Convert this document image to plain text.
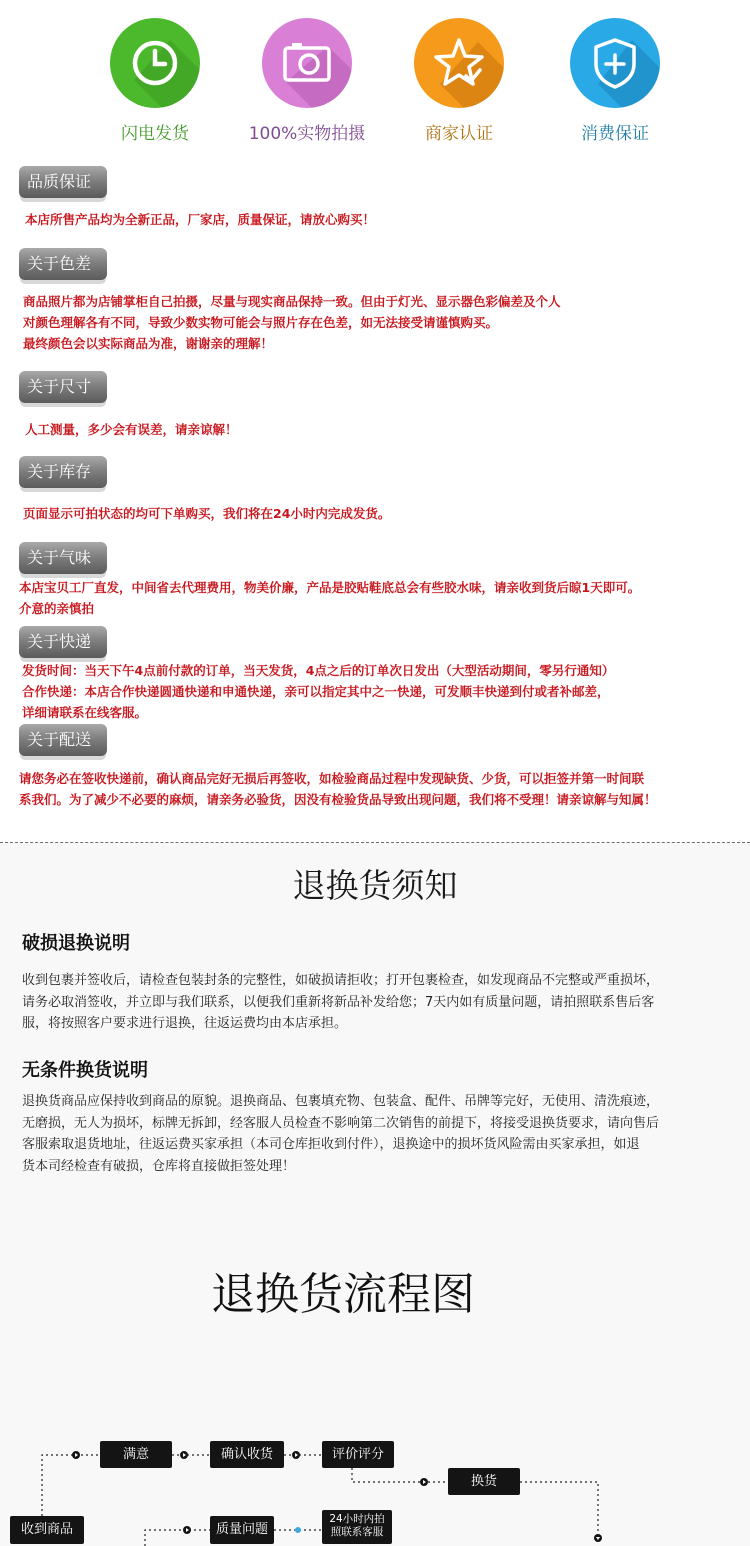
闪电发货	100%实物拍摄	商家认证	消费保证
品质保证
本店所售产品均为全新正品，厂家店，质量保证，请放心购买！
关于色差
商品照片都为店铺掌柜自己拍摄，尽量与现实商品保持一致。但由于灯光、显示器色彩偏差及个人
对颜色理解各有不同，导致少数实物可能会与照片存在色差，如无法接受请谨慎购买。
最终颜色会以实际商品为准，谢谢亲的理解！
关于尺寸
人工测量，多少会有误差，请亲谅解！
关于库存
页面显示可拍状态的均可下单购买，我们将在24小时内完成发货。
关于气味
本店宝贝工厂直发，中间省去代理费用，物美价廉，产品是胶贴鞋底总会有些胶水味，请亲收到货后晾1天即可。
介意的亲慎拍
关于快递
发货时间：当天下午4点前付款的订单，当天发货，4点之后的订单次日发出（大型活动期间，零另行通知）
合作快递：本店合作快递圆通快递和申通快递，亲可以指定其中之一快递，可发顺丰快递到付或者补邮差，
详细请联系在线客服。
关于配送
请您务必在签收快递前，确认商品完好无损后再签收，如检验商品过程中发现缺货、少货，可以拒签并第一时间联
系我们。为了减少不必要的麻烦，请亲务必验货，因没有检验货品导致出现问题，我们将不受理！请亲谅解与知属！
退换货须知
破损退换说明
收到包裹并签收后，请检查包装封条的完整性，如破损请拒收；打开包裹检查，如发现商品不完整或严重损坏，
请务必取消签收，并立即与我们联系，以便我们重新将新品补发给您；7天内如有质量问题，请拍照联系售后客
服，将按照客户要求进行退换，往返运费均由本店承担。
无条件换货说明
退换货商品应保持收到商品的原貌。退换商品、包裹填充物、包装盒、配件、吊牌等完好，无使用、清洗痕迹，
无磨损，无人为损坏，标牌无拆卸，经客服人员检查不影响第二次销售的前提下，将接受退换货要求，请向售后
客服索取退货地址，往返运费买家承担（本司仓库拒收到付件），退换途中的损坏货风险需由买家承担，如退
货本司经检查有破损，仓库将直接做拒签处理！
退换货流程图
满意	确认收货	评价评分
换货
收到商品	质量问题
24小时内拍
照联系客服
